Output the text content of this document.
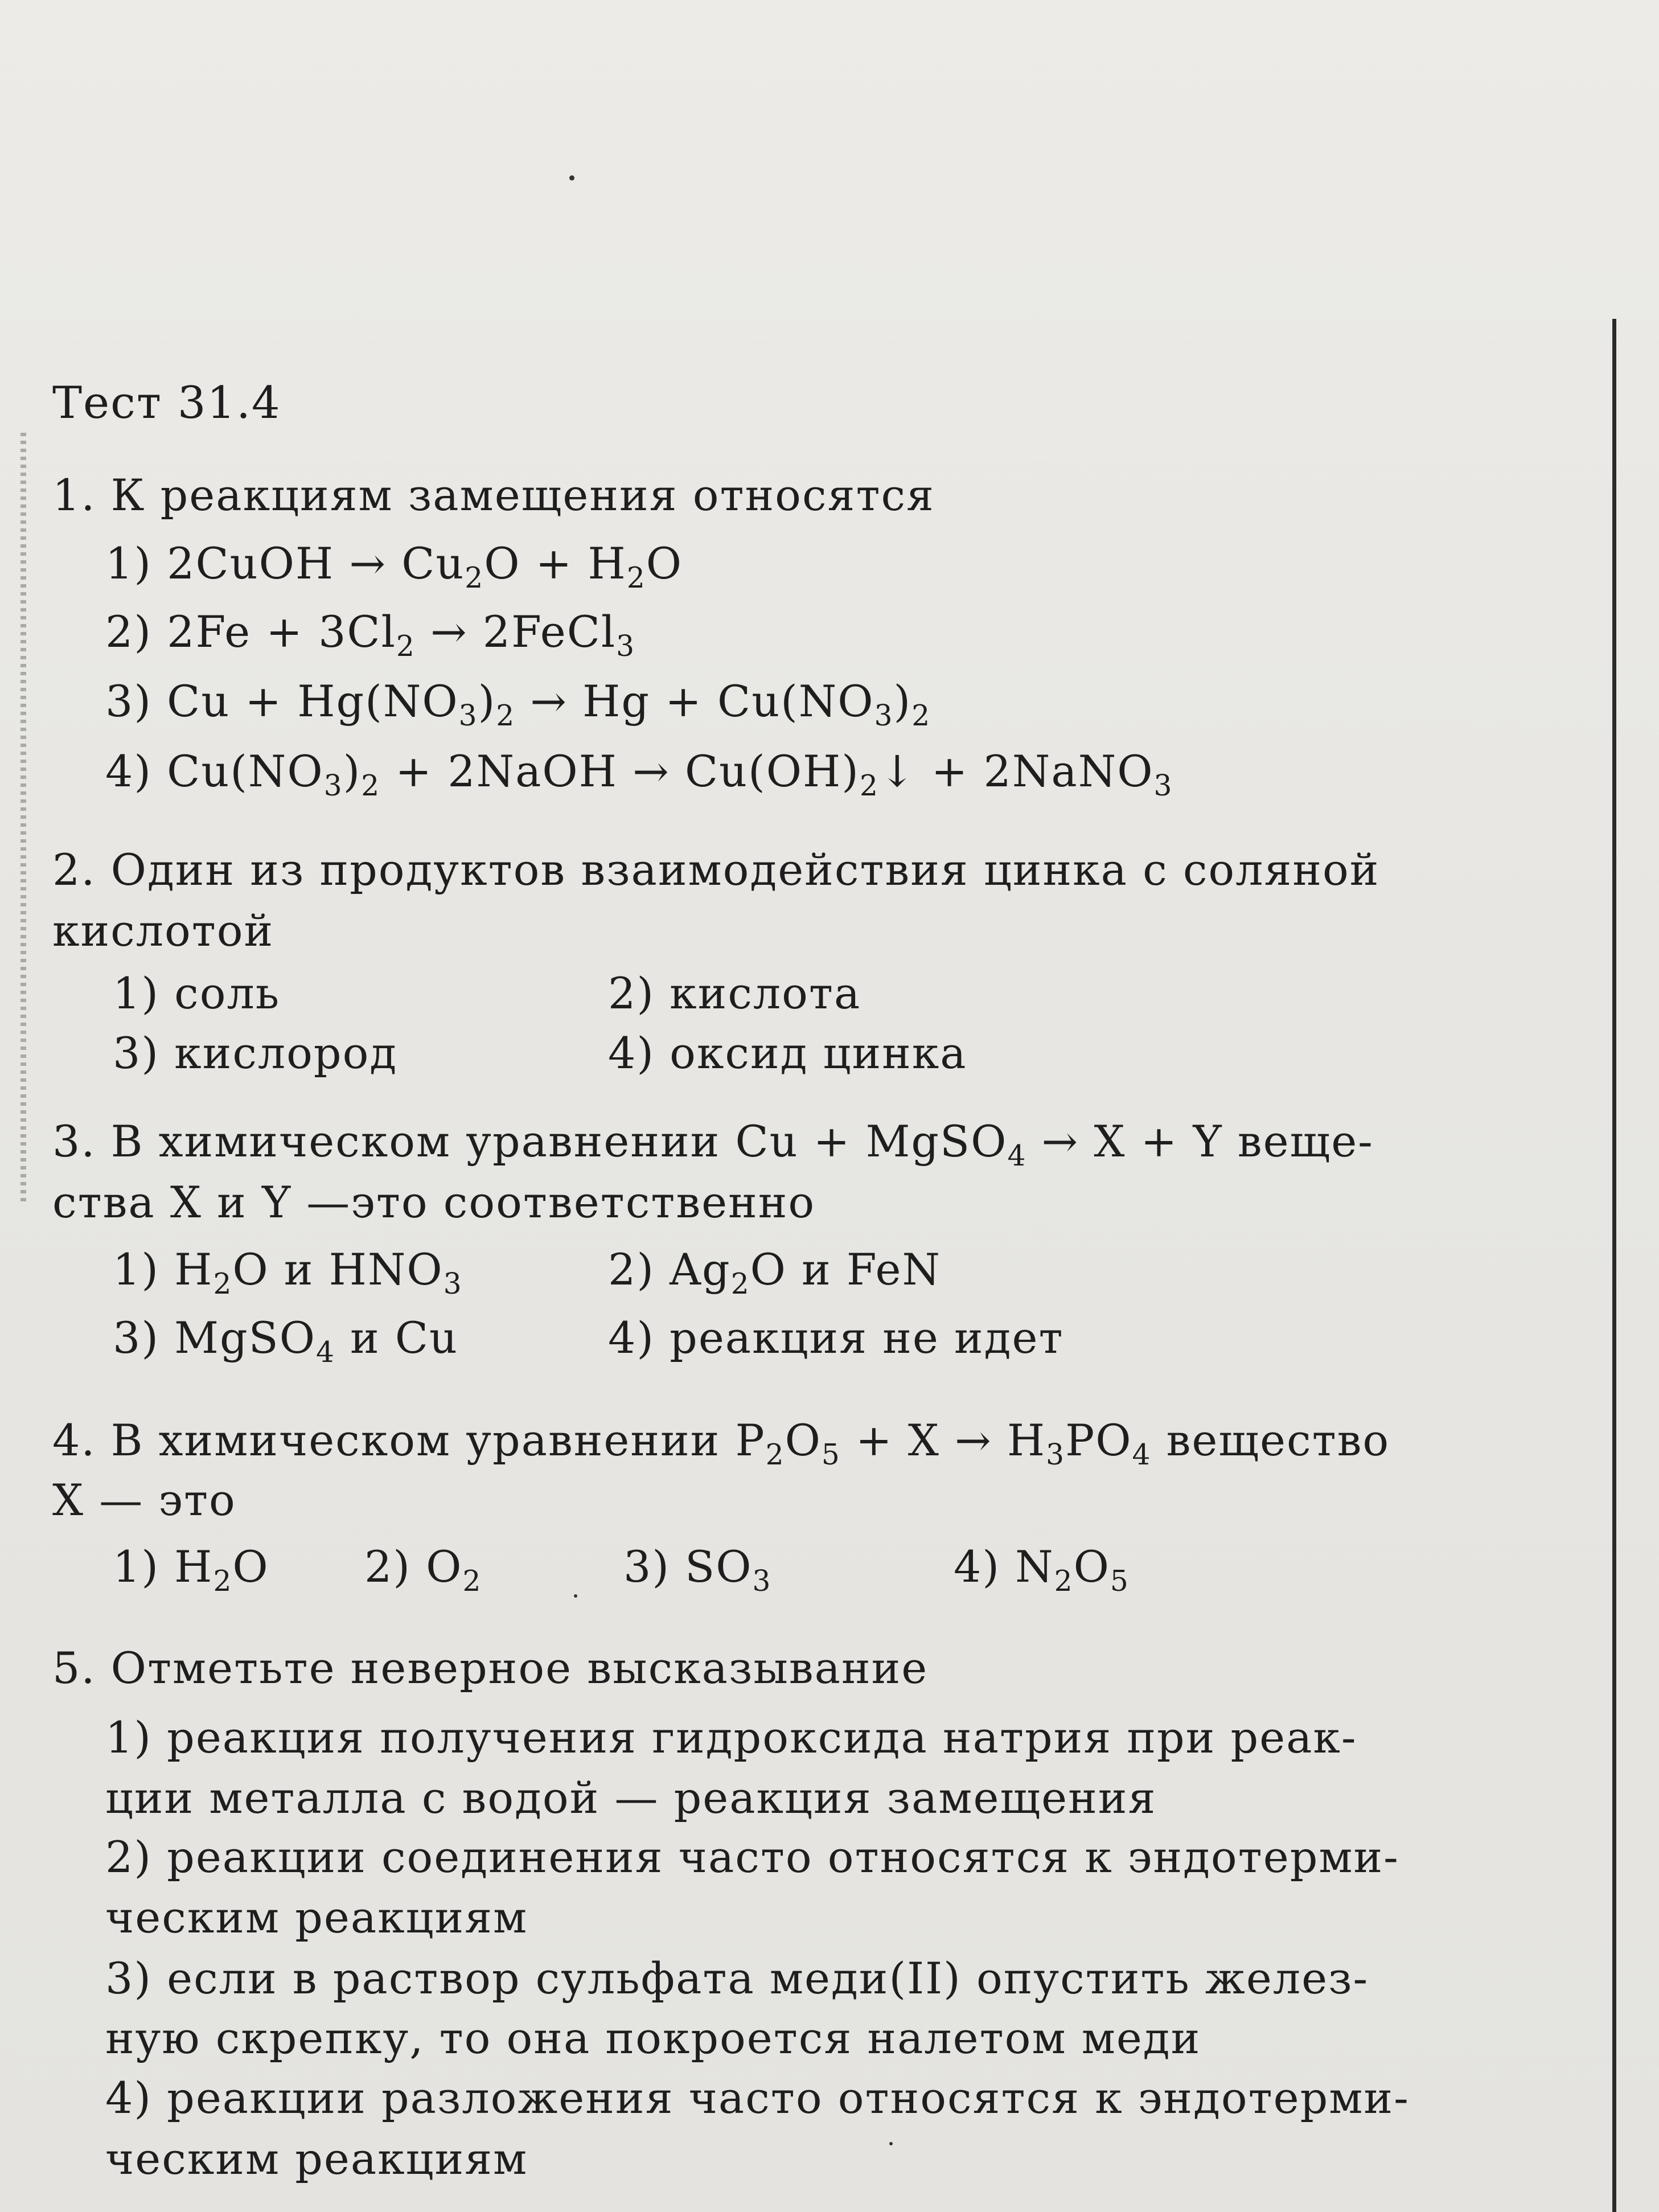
Тест 31.4
1. К реакциям замещения относятся
1) 2CuOH → $Cu_2O + H_2O$
2) $2Fe + 3Cl_2$ → 2FeCl$_3$
3) $Cu + Hg(NO_3)_2 \to Hg + Cu(NO_3)_2$
4) $Cu(NO_3)_2$ + 2NaOH → $Cu(OH)_2↓$ + 2NaNO$_3$
2. Один из продуктов взаимодействия цинка с соляной
кислотой
1) соль	2) кислота
3) кислород	4) оксид цинка
3. В химическом уравнении Cu + MgSO$_4$ → X + Y веще-
ства X и Y —это соответственно
1) $H_2O$ и $HNO_3$	2) $Ag_2O$ и FeN
3) MgSO$_4$ и Cu	4) реакция не идет
4. В химическом уравнении $P_2O_5 + X \to H_3PO_4$ вещество
X — это
1) $H_2O$ 2) $O_2$	3) $SO_3$	4) $N_2O_5$
5. Отметьте неверное высказывание
1) реакция получения гидроксида натрия при реак-
ции металла с водой — реакция замещения
2) реакции соединения часто относятся к эндотерми-
ческим реакциям
3) если в раствор сульфата меди(II) опустить желез-
ную скрепку, то она покроется налетом меди
4) реакции разложения часто относятся к эндотерми-
ческим реакциям
